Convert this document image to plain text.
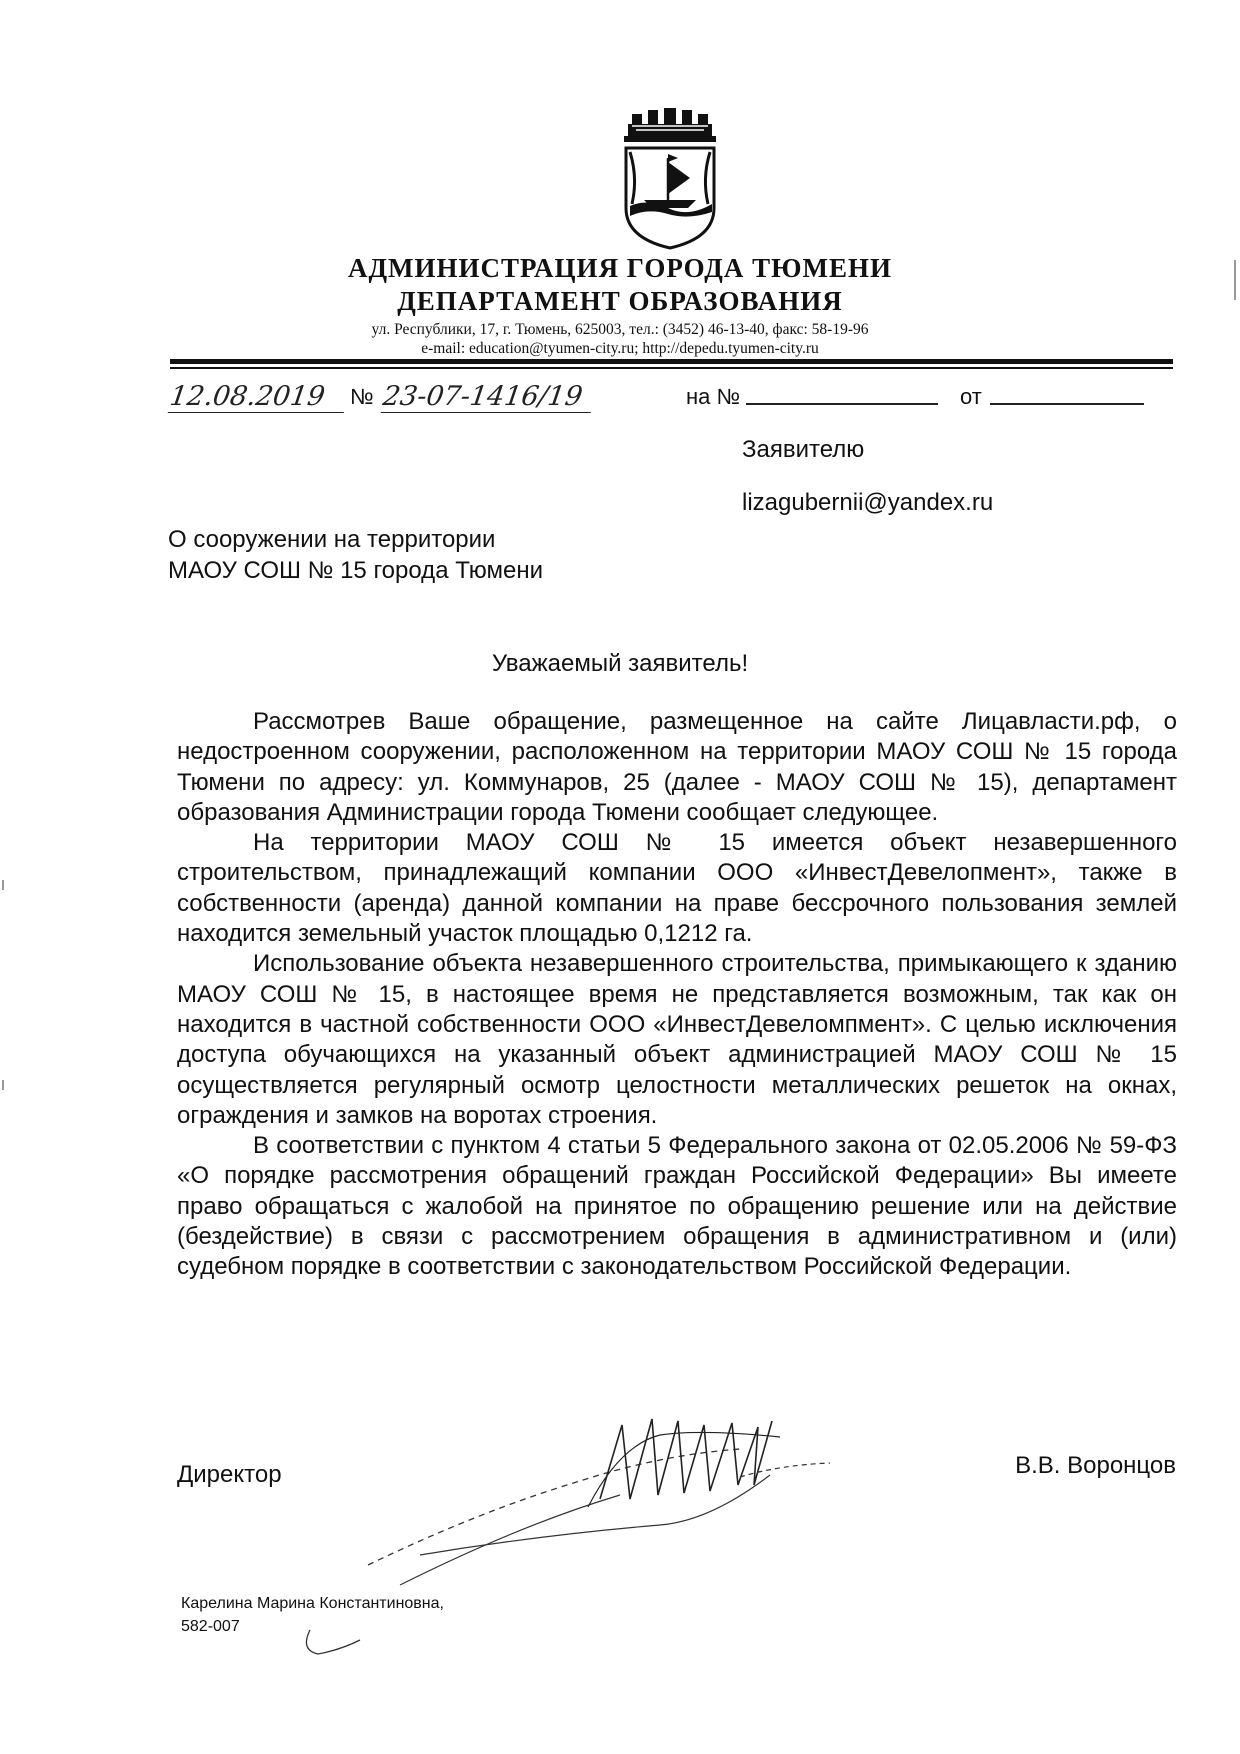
АДМИНИСТРАЦИЯ ГОРОДА ТЮМЕНИ
ДЕПАРТАМЕНТ ОБРАЗОВАНИЯ
ул. Республики, 17, г. Тюмень, 625003, тел.: (3452) 46-13-40, факс: 58-19-96
e-mail: education@tyumen-city.ru; http://depedu.tyumen-city.ru
12.08.2019	№ 23-07-1416/19	на №	от
Заявителю
lizagubernii@yandex.ru
О сооружении на территории
МАОУ СОШ № 15 города Тюмени
Уважаемый заявитель!

Рассмотрев Ваше обращение, размещенное на сайте Лицавласти.рф, о недостроенном сооружении, расположенном на территории МАОУ СОШ № 15 города Тюмени по адресу: ул. Коммунаров, 25 (далее - МАОУ СОШ № 15), департамент образования Администрации города Тюмени сообщает следующее.

На территории МАОУ СОШ № 15 имеется объект незавершенного строительством, принадлежащий компании ООО «ИнвестДевелопмент», также в собственности (аренда) данной компании на праве бессрочного пользования землей находится земельный участок площадью 0,1212 га.

Использование объекта незавершенного строительства, примыкающего к зданию МАОУ СОШ № 15, в настоящее время не представляется возможным, так как он находится в частной собственности ООО «ИнвестДевеломпмент». С целью исключения доступа обучающихся на указанный объект администрацией МАОУ СОШ № 15 осуществляется регулярный осмотр целостности металлических решеток на окнах, ограждения и замков на воротах строения.

В соответствии с пунктом 4 статьи 5 Федерального закона от 02.05.2006 № 59-ФЗ «О порядке рассмотрения обращений граждан Российской Федерации» Вы имеете право обращаться с жалобой на принятое по обращению решение или на действие (бездействие) в связи с рассмотрением обращения в административном и (или) судебном порядке в соответствии с законодательством Российской Федерации.

Директор	В.В. Воронцов
Карелина Марина Константиновна,
582-007
